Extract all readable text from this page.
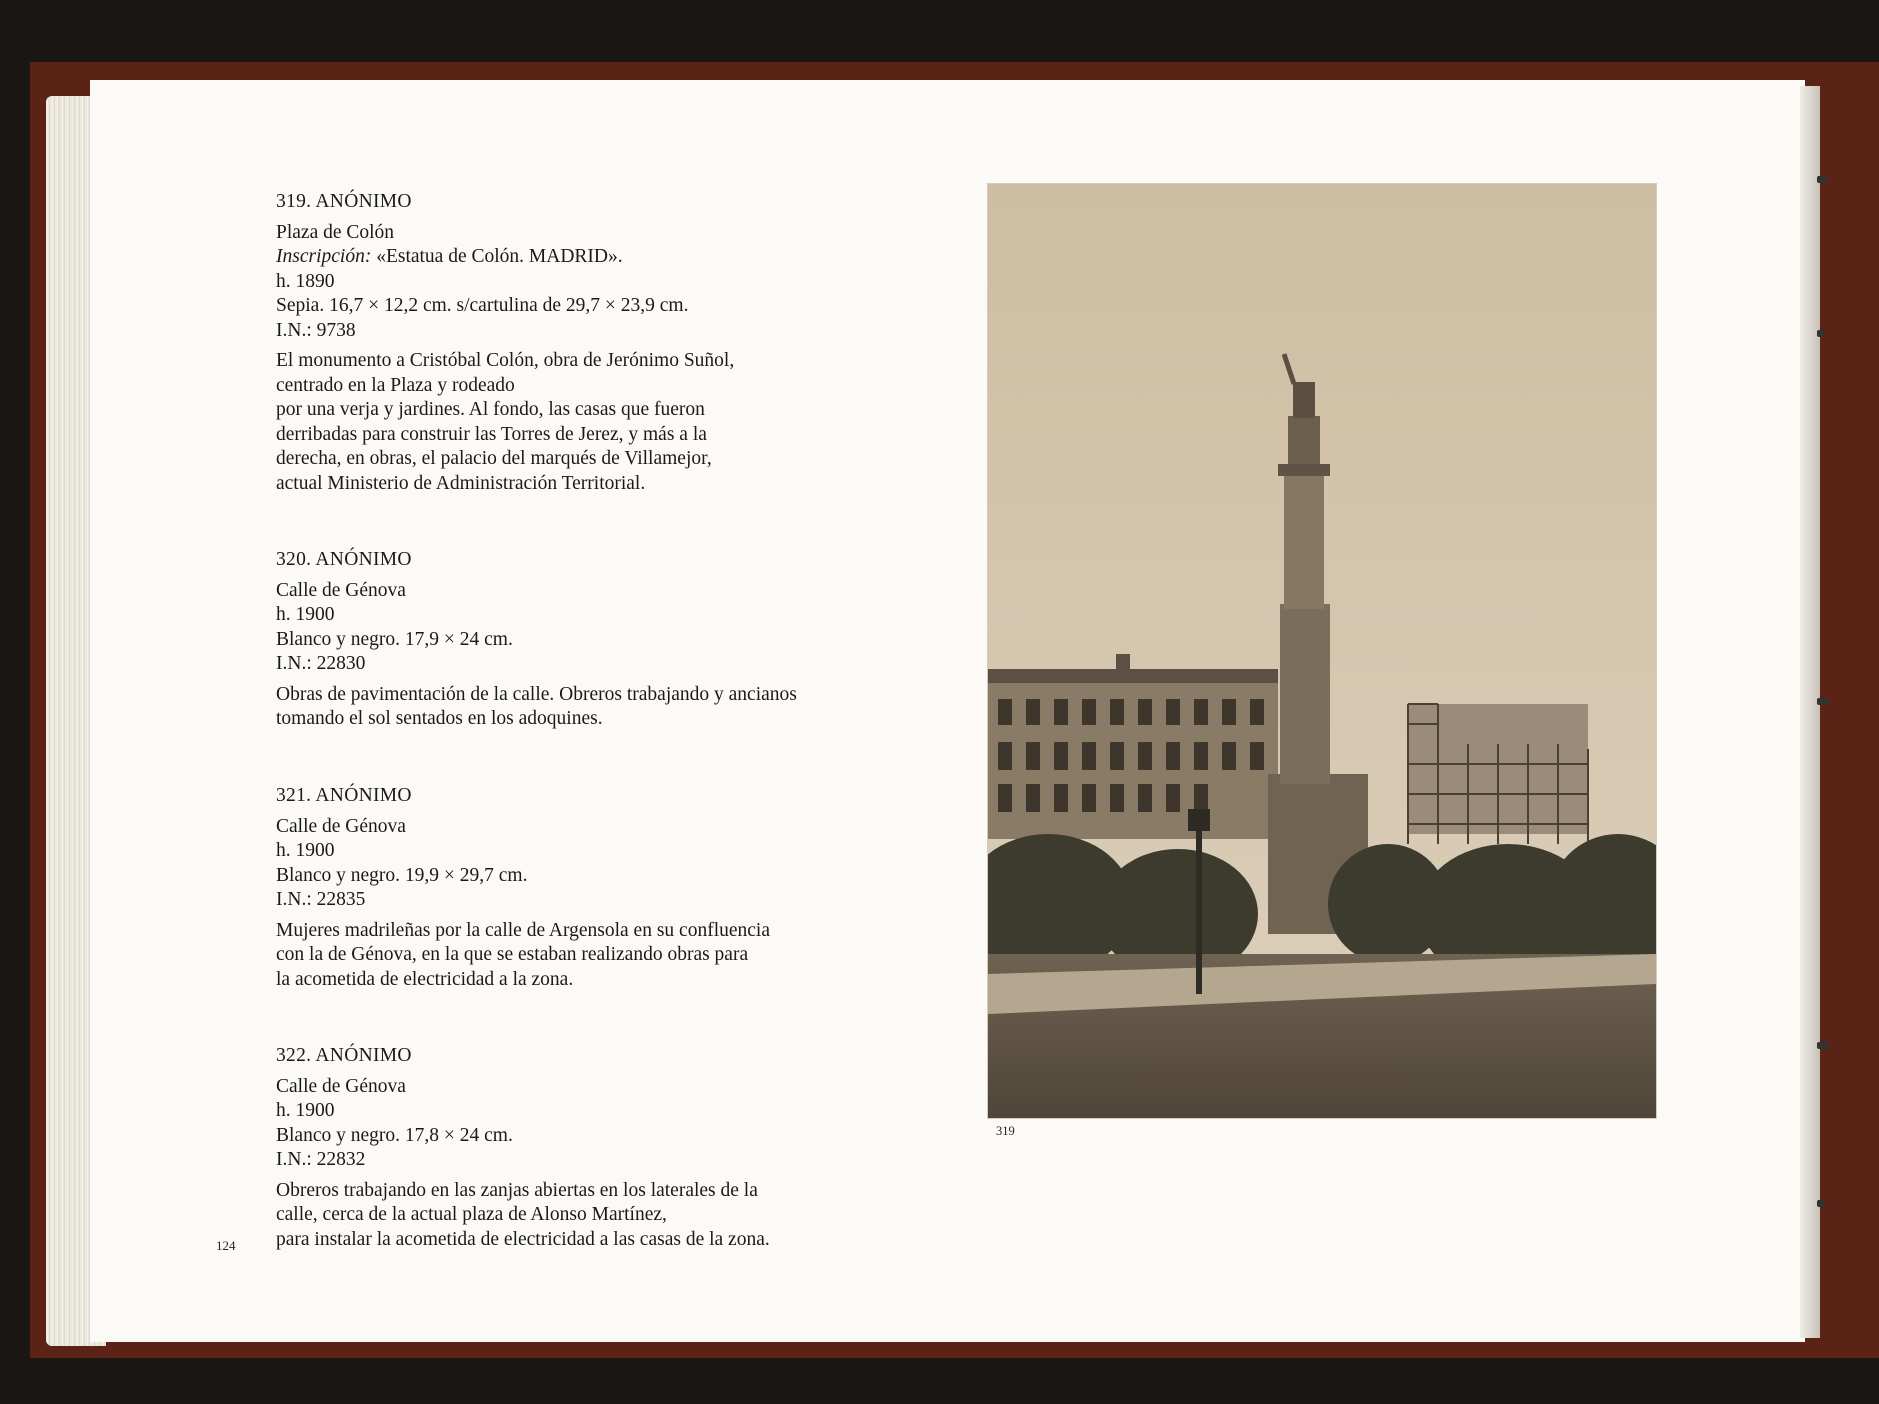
319. ANÓNIMO

Plaza de Colón

Inscripción: «Estatua de Colón. MADRID».

h. 1890

Sepia. 16,7 × 12,2 cm. s/cartulina de 29,7 × 23,9 cm.

I.N.: 9738

El monumento a Cristóbal Colón, obra de Jerónimo Suñol,

centrado en la Plaza y rodeado

por una verja y jardines. Al fondo, las casas que fueron

derribadas para construir las Torres de Jerez, y más a la

derecha, en obras, el palacio del marqués de Villamejor,

actual Ministerio de Administración Territorial.

320. ANÓNIMO

Calle de Génova

h. 1900

Blanco y negro. 17,9 × 24 cm.

I.N.: 22830

Obras de pavimentación de la calle. Obreros trabajando y ancianos

tomando el sol sentados en los adoquines.

321. ANÓNIMO

Calle de Génova

h. 1900

Blanco y negro. 19,9 × 29,7 cm.

I.N.: 22835

Mujeres madrileñas por la calle de Argensola en su confluencia

con la de Génova, en la que se estaban realizando obras para

la acometida de electricidad a la zona.

322. ANÓNIMO

Calle de Génova

h. 1900

Blanco y negro. 17,8 × 24 cm.

I.N.: 22832

Obreros trabajando en las zanjas abiertas en los laterales de la

calle, cerca de la actual plaza de Alonso Martínez,

para instalar la acometida de electricidad a las casas de la zona.

124
319
